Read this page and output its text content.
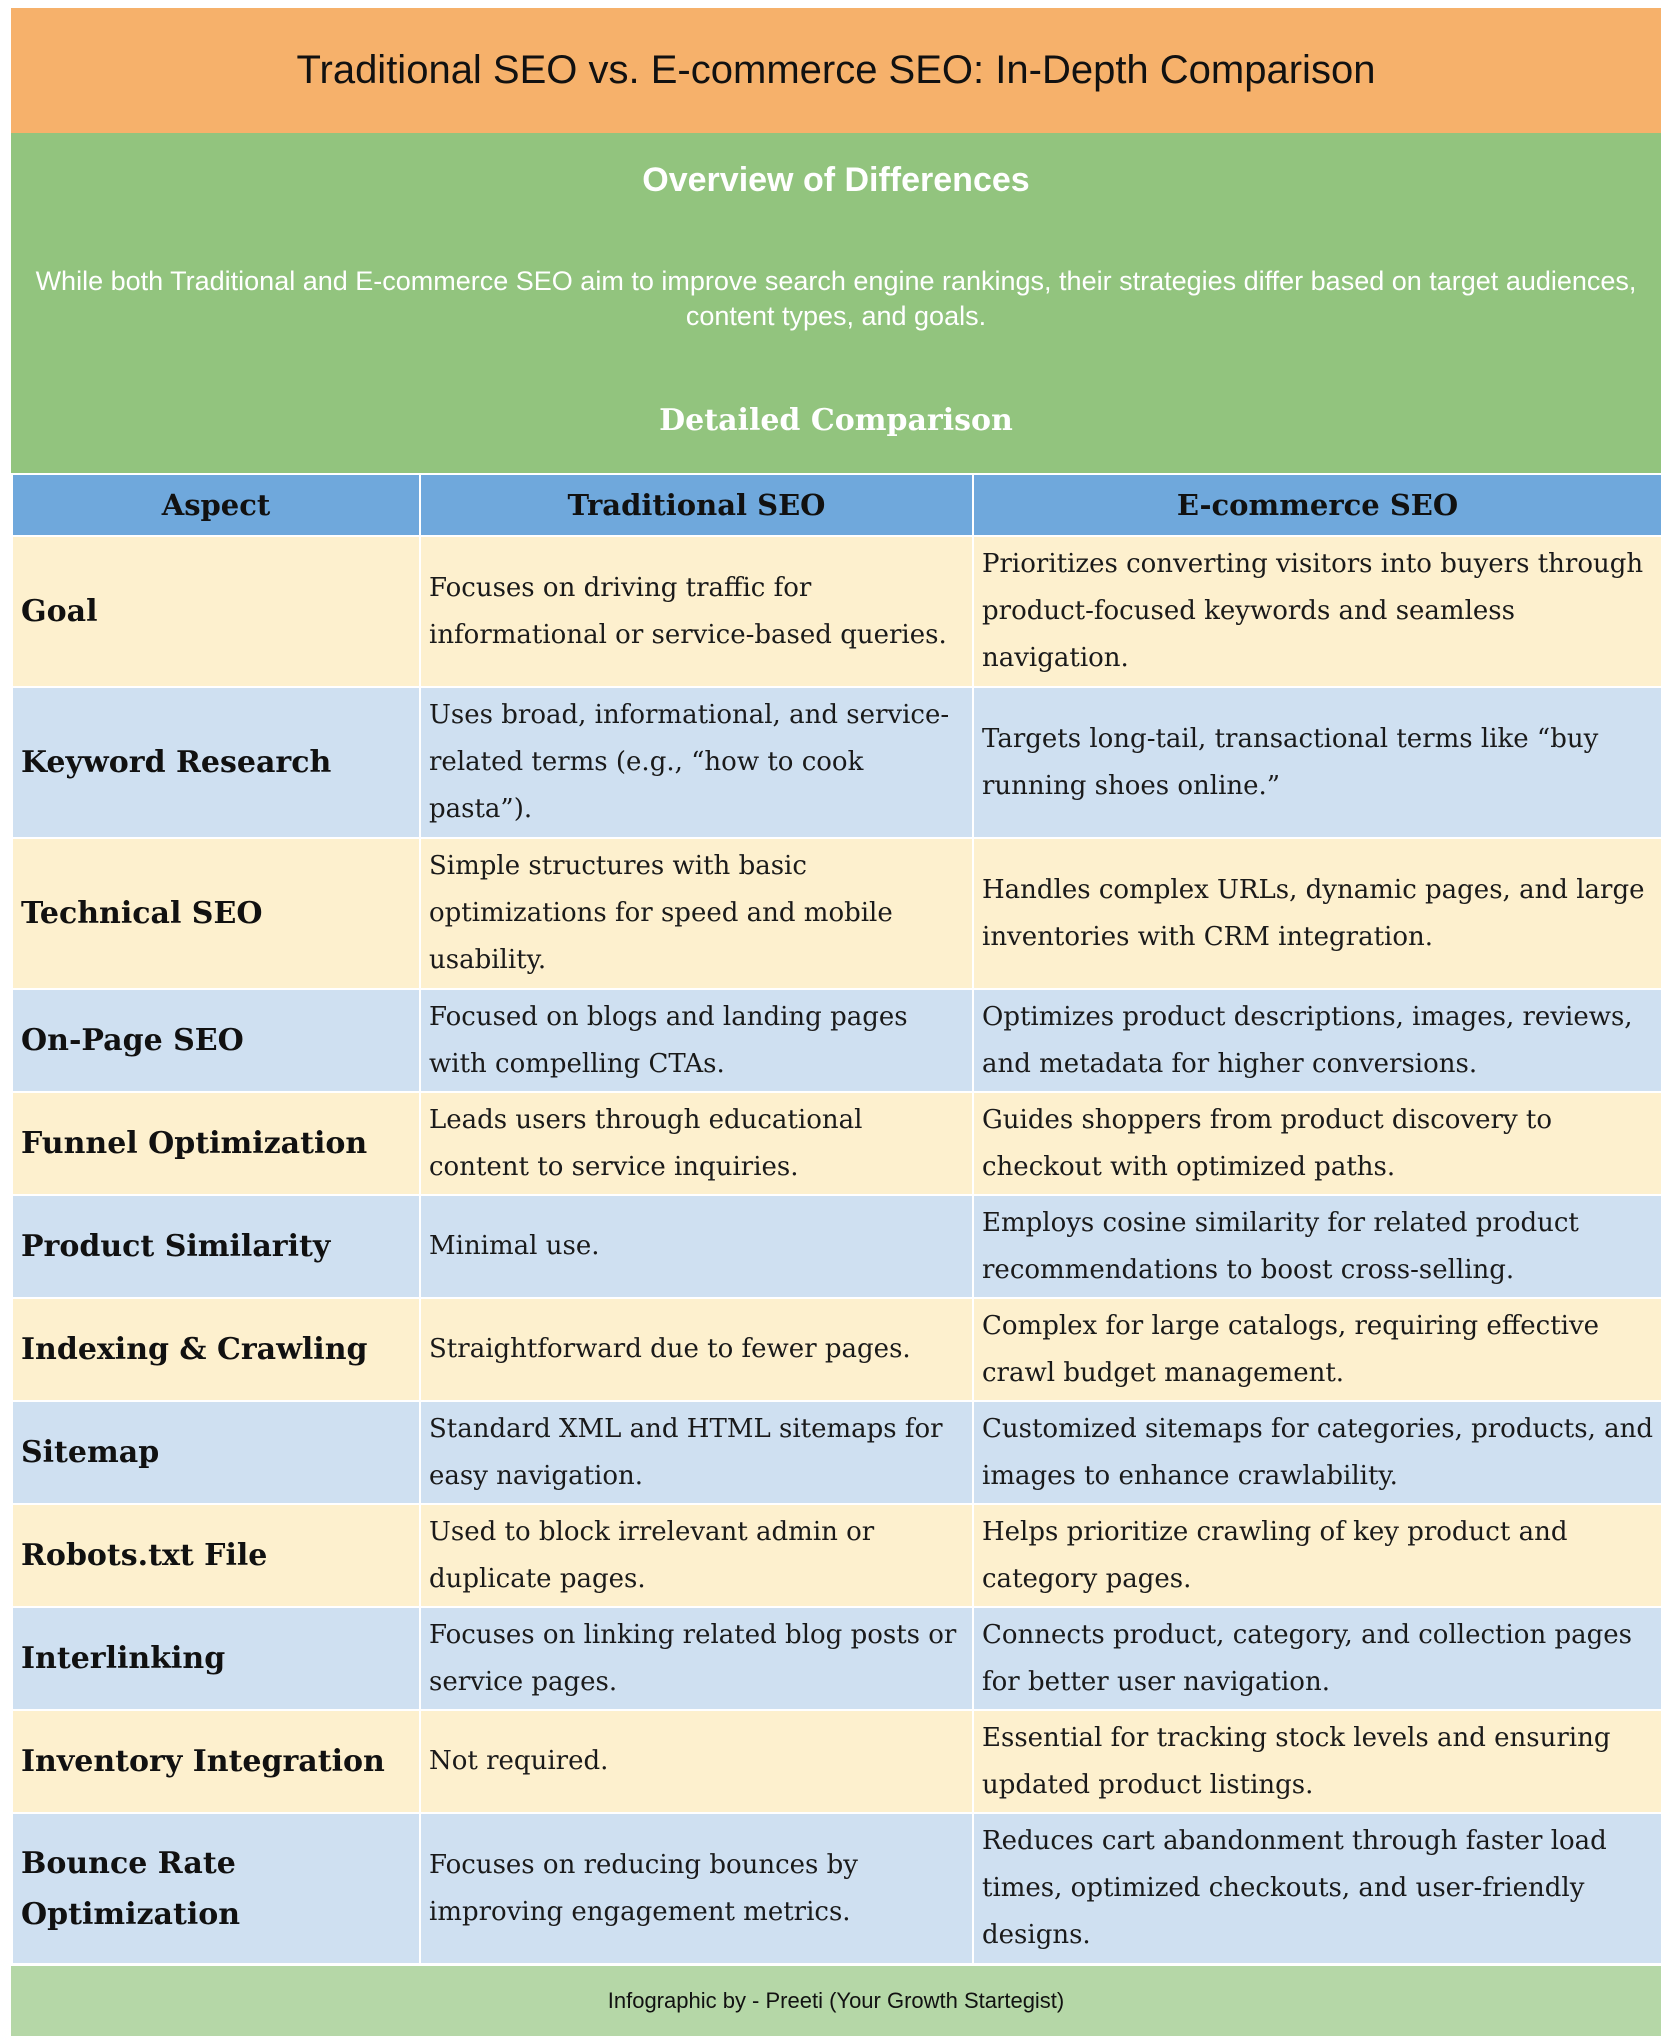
Traditional SEO vs. E-commerce SEO: In-Depth Comparison
Overview of Differences
While both Traditional and E-commerce SEO aim to improve search engine rankings, their strategies differ based on target audiences, content types, and goals.
Detailed Comparison
Aspect	Traditional SEO	E-commerce SEO
Goal	Focuses on driving traffic for informational or service-based queries.	Prioritizes converting visitors into buyers through product-focused keywords and seamless navigation.
Keyword Research	Uses broad, informational, and service-related terms (e.g., “how to cook pasta”).	Targets long-tail, transactional terms like “buy running shoes online.”
Technical SEO	Simple structures with basic optimizations for speed and mobile usability.	Handles complex URLs, dynamic pages, and large inventories with CRM integration.
On-Page SEO	Focused on blogs and landing pages with compelling CTAs.	Optimizes product descriptions, images, reviews, and metadata for higher conversions.
Funnel Optimization	Leads users through educational content to service inquiries.	Guides shoppers from product discovery to checkout with optimized paths.
Product Similarity	Minimal use.	Employs cosine similarity for related product recommendations to boost cross-selling.
Indexing & Crawling	Straightforward due to fewer pages.	Complex for large catalogs, requiring effective crawl budget management.
Sitemap	Standard XML and HTML sitemaps for easy navigation.	Customized sitemaps for categories, products, and images to enhance crawlability.
Robots.txt File	Used to block irrelevant admin or duplicate pages.	Helps prioritize crawling of key product and category pages.
Interlinking	Focuses on linking related blog posts or service pages.	Connects product, category, and collection pages for better user navigation.
Inventory Integration	Not required.	Essential for tracking stock levels and ensuring updated product listings.
Bounce Rate Optimization	Focuses on reducing bounces by improving engagement metrics.	Reduces cart abandonment through faster load times, optimized checkouts, and user-friendly designs.
Infographic by - Preeti (Your Growth Startegist)
